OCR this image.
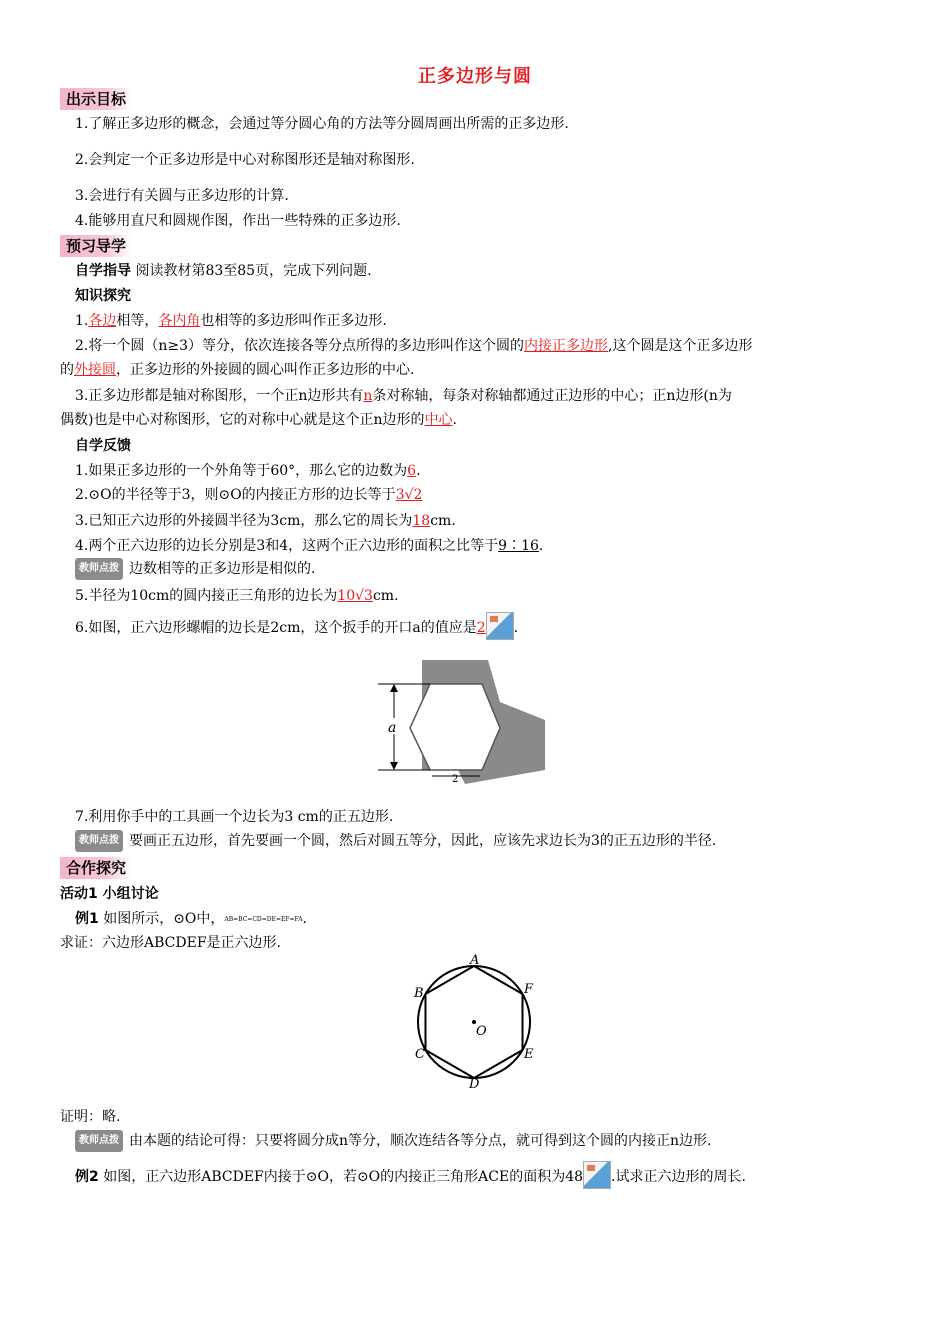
正多边形与圆
出示目标
1.了解正多边形的概念，会通过等分圆心角的方法等分圆周画出所需的正多边形.
2.会判定一个正多边形是中心对称图形还是轴对称图形.
3.会进行有关圆与正多边形的计算.
4.能够用直尺和圆规作图，作出一些特殊的正多边形.
预习导学
自学指导 阅读教材第83至85页，完成下列问题.
知识探究
1.各边相等，各内角也相等的多边形叫作正多边形.
2.将一个圆（n≥3）等分，依次连接各等分点所得的多边形叫作这个圆的内接正多边形,这个圆是这个正多边形
的外接圆，正多边形的外接圆的圆心叫作正多边形的中心.
3.正多边形都是轴对称图形，一个正n边形共有n条对称轴，每条对称轴都通过正边形的中心；正n边形(n为
偶数)也是中心对称图形，它的对称中心就是这个正n边形的中心.
自学反馈
1.如果正多边形的一个外角等于60°，那么它的边数为6.
2.⊙O的半径等于3，则⊙O的内接正方形的边长等于3√2
3.已知正六边形的外接圆半径为3cm，那么它的周长为18cm.
4.两个正六边形的边长分别是3和4，这两个正六边形的面积之比等于9∶16.
教师点拨 边数相等的正多边形是相似的.
5.半径为10cm的圆内接正三角形的边长为10√3cm.
6.如图，正六边形螺帽的边长是2cm，这个扳手的开口a的值应是2 .
a
2
7.利用你手中的工具画一个边长为3 cm的正五边形.
教师点拨 要画正五边形，首先要画一个圆，然后对圆五等分，因此，应该先求边长为3的正五边形的半径.
合作探究
活动1 小组讨论
例1 如图所示，⊙O中，AB=BC=CD=DE=EF=FA.
求证：六边形ABCDEF是正六边形.
A
B
C
D
E
F
O
证明：略.
教师点拨 由本题的结论可得：只要将圆分成n等分，顺次连结各等分点，就可得到这个圆的内接正n边形.
例2 如图，正六边形ABCDEF内接于⊙O，若⊙O的内接正三角形ACE的面积为48 .试求正六边形的周长.
